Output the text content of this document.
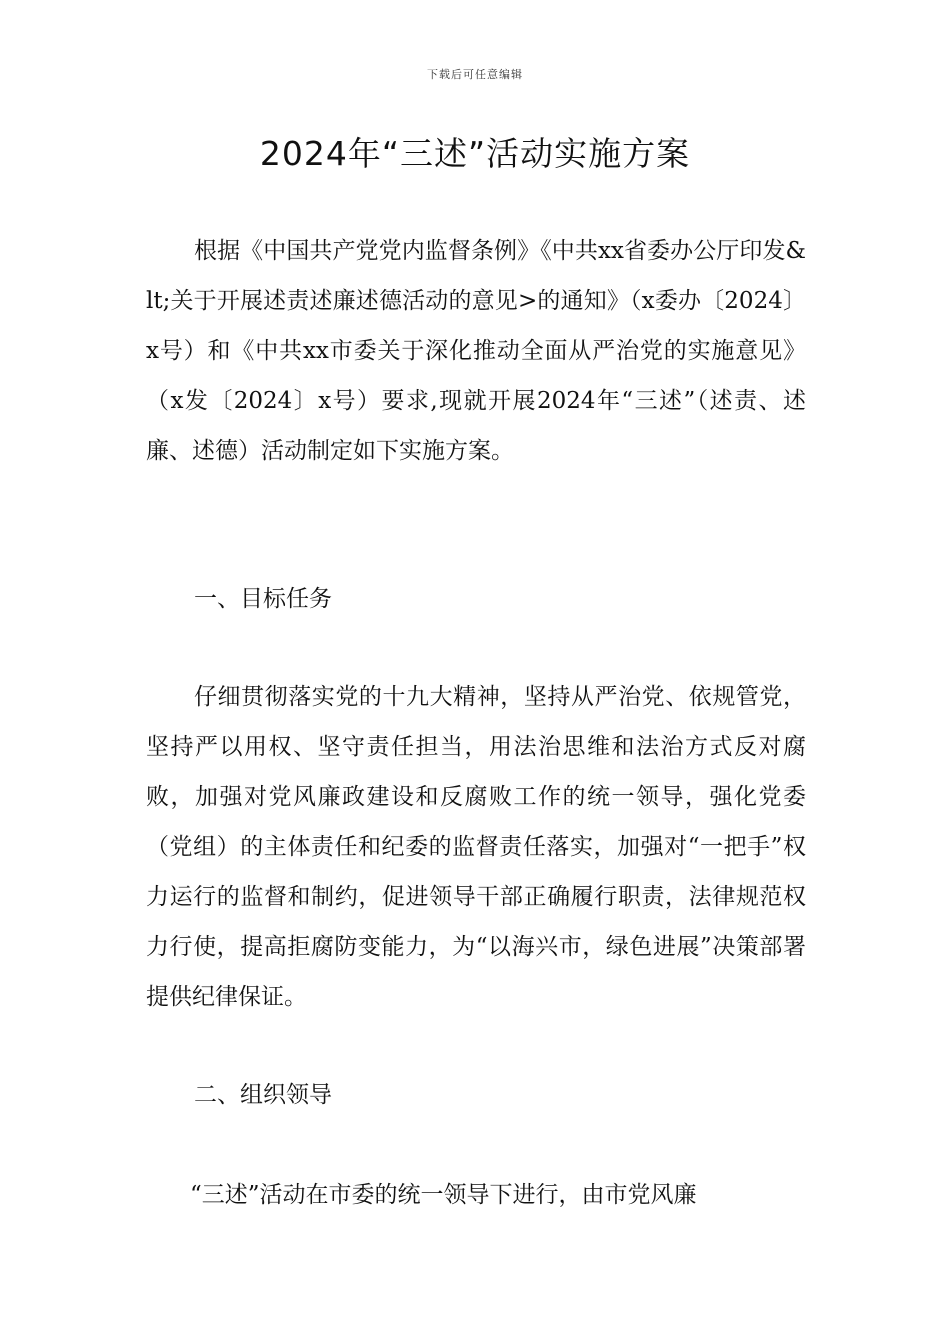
下载后可任意编辑
2024年“三述”活动实施方案

根据《中国共产党党内监督条例》《中共xx省委办公厅印发&lt;关于开展述责述廉述德活动的意见>的通知》（x委办〔2024〕x号）和《中共xx市委关于深化推动全面从严治党的实施意见》（x发〔2024〕x号）要求,现就开展2024年“三述”（述责、述廉、述德）活动制定如下实施方案。

一、目标任务

仔细贯彻落实党的十九大精神，坚持从严治党、依规管党，坚持严以用权、坚守责任担当，用法治思维和法治方式反对腐败，加强对党风廉政建设和反腐败工作的统一领导，强化党委（党组）的主体责任和纪委的监督责任落实，加强对“一把手”权力运行的监督和制约，促进领导干部正确履行职责，法律规范权力行使，提高拒腐防变能力，为“以海兴市，绿色进展”决策部署提供纪律保证。

二、组织领导

“三述”活动在市委的统一领导下进行，由市党风廉
